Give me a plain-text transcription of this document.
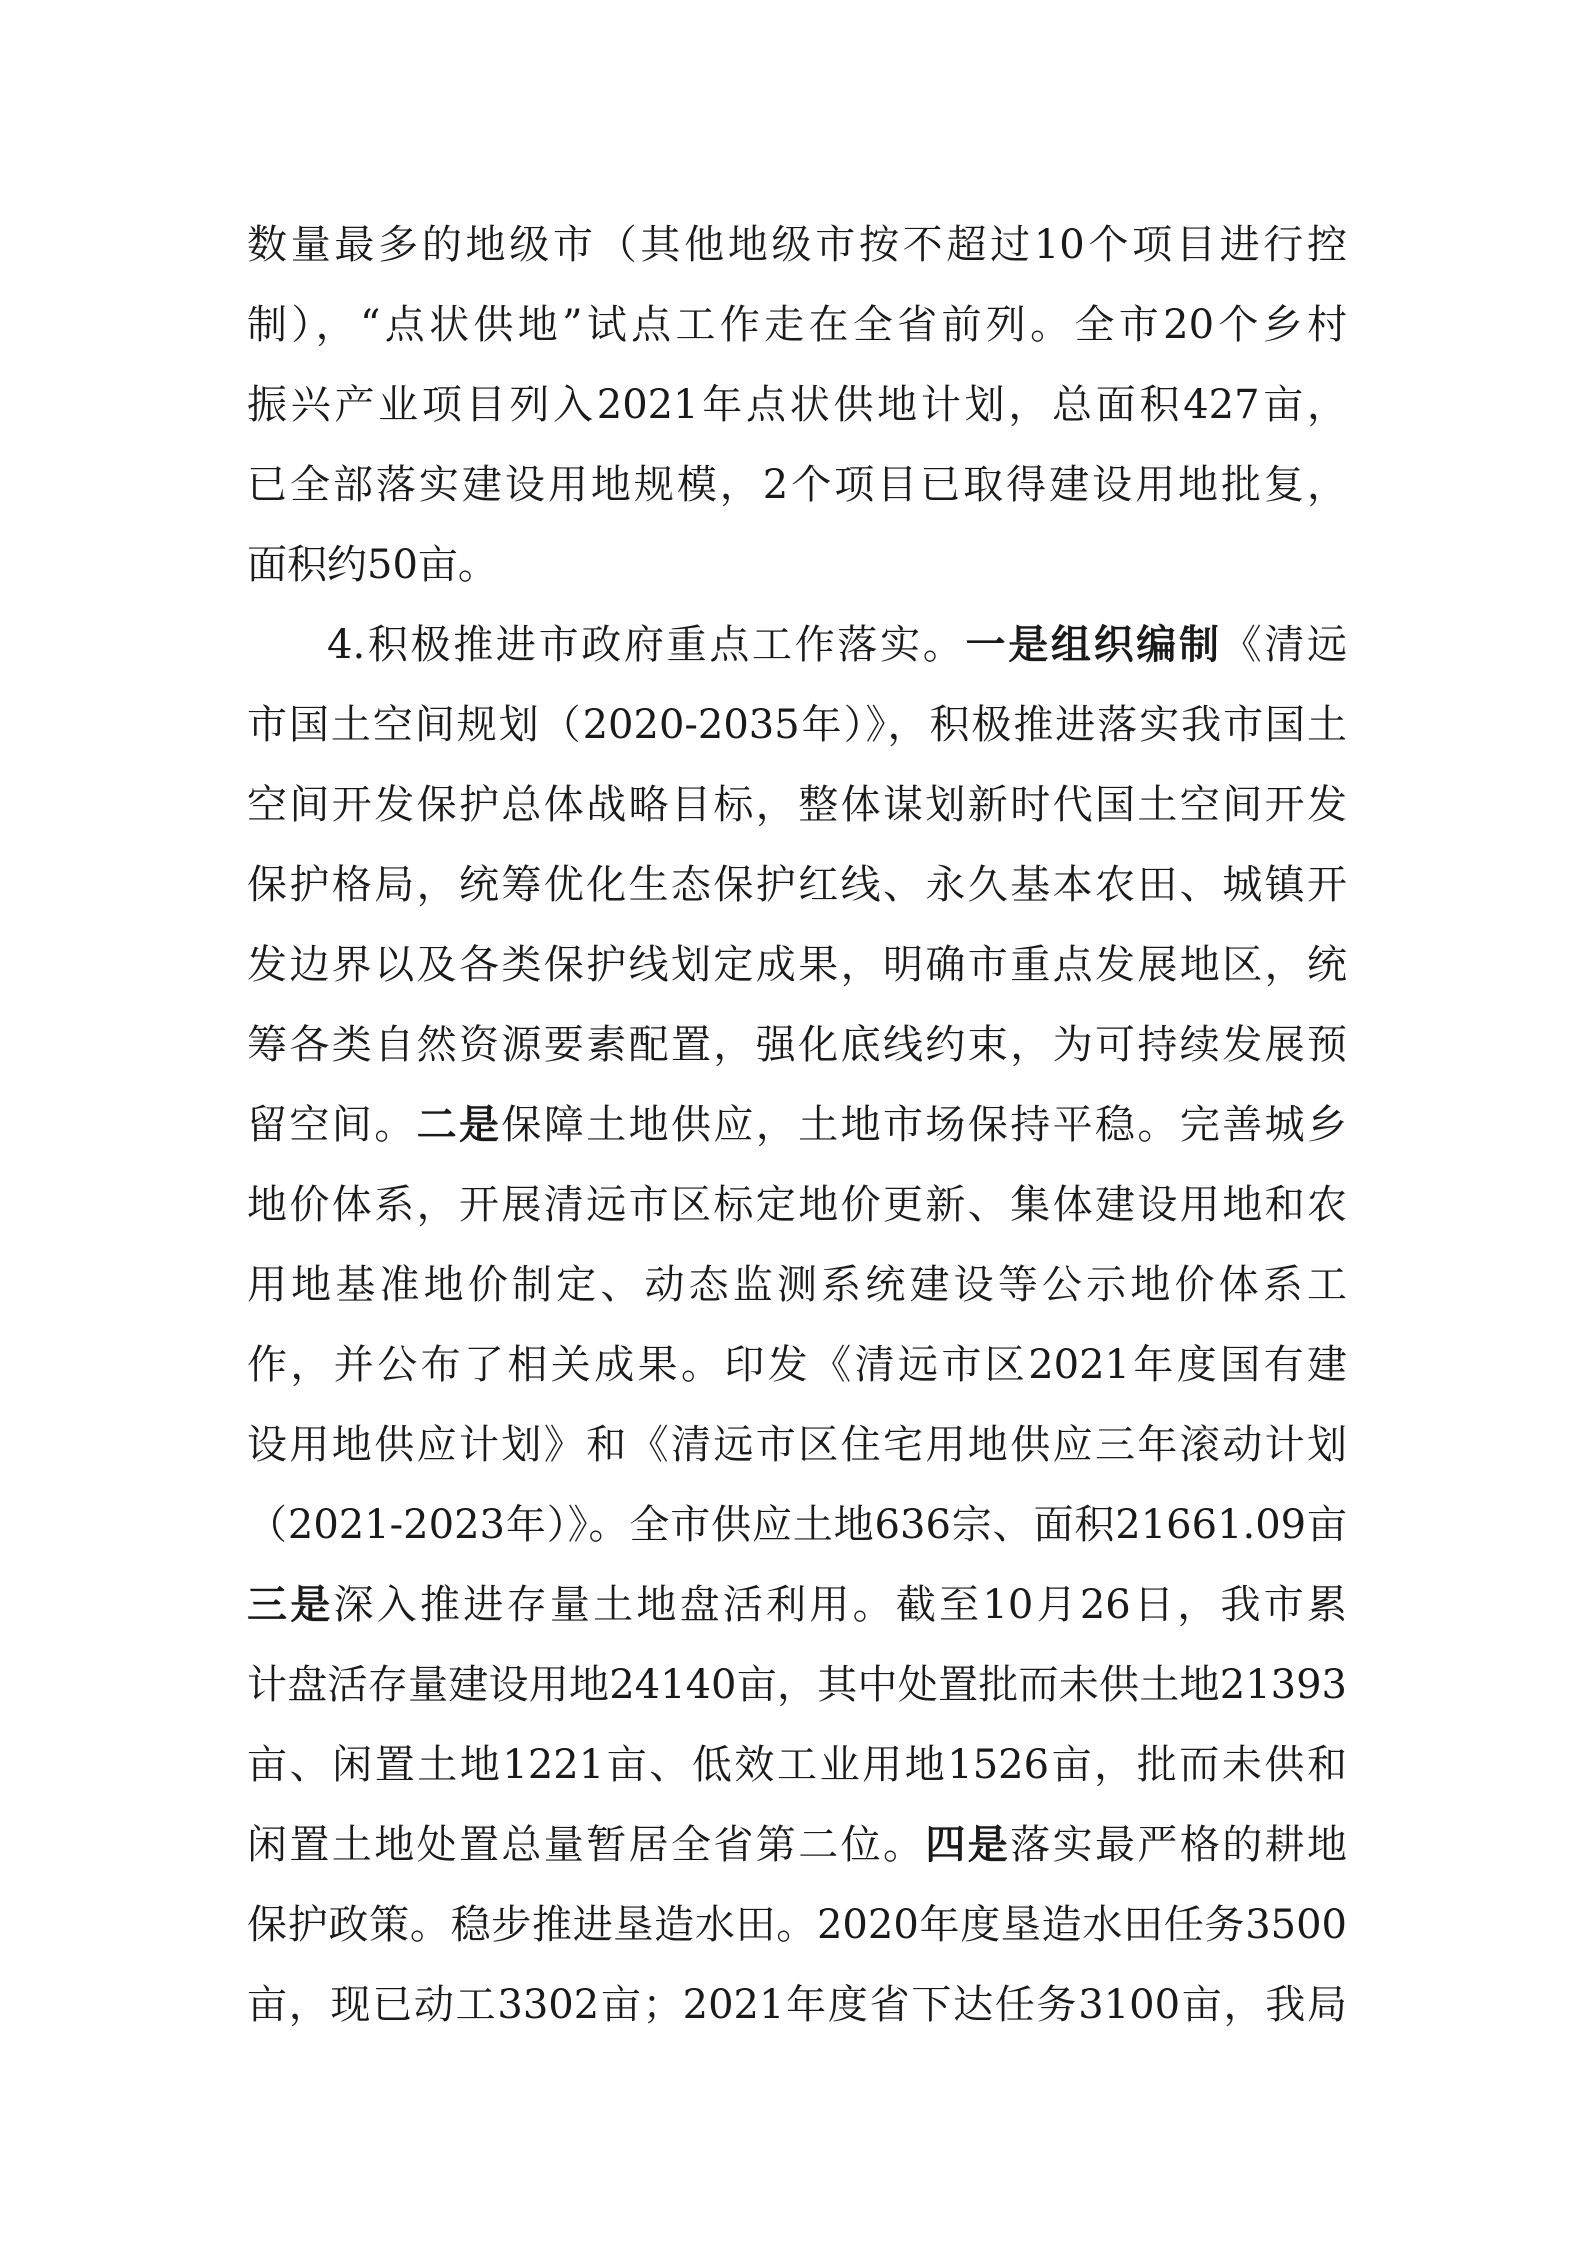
数量最多的地级市（其他地级市按不超过10个项目进行控
制），“点状供地”试点工作走在全省前列。全市20个乡村
振兴产业项目列入2021年点状供地计划，总面积427亩，
已全部落实建设用地规模，2个项目已取得建设用地批复，
面积约50亩。
4.积极推进市政府重点工作落实。一是组织编制《清远
市国土空间规划（2020-2035年）》，积极推进落实我市国土
空间开发保护总体战略目标，整体谋划新时代国土空间开发
保护格局，统筹优化生态保护红线、永久基本农田、城镇开
发边界以及各类保护线划定成果，明确市重点发展地区，统
筹各类自然资源要素配置，强化底线约束，为可持续发展预
留空间。二是保障土地供应，土地市场保持平稳。完善城乡
地价体系，开展清远市区标定地价更新、集体建设用地和农
用地基准地价制定、动态监测系统建设等公示地价体系工
作，并公布了相关成果。印发《清远市区2021年度国有建
设用地供应计划》和《清远市区住宅用地供应三年滚动计划
（2021-2023年）》。全市供应土地636宗、面积21661.09亩
三是深入推进存量土地盘活利用。截至10月26日，我市累
计盘活存量建设用地24140亩，其中处置批而未供土地21393
亩、闲置土地1221亩、低效工业用地1526亩，批而未供和
闲置土地处置总量暂居全省第二位。四是落实最严格的耕地
保护政策。稳步推进垦造水田。2020年度垦造水田任务3500
亩，现已动工3302亩；2021年度省下达任务3100亩，我局
